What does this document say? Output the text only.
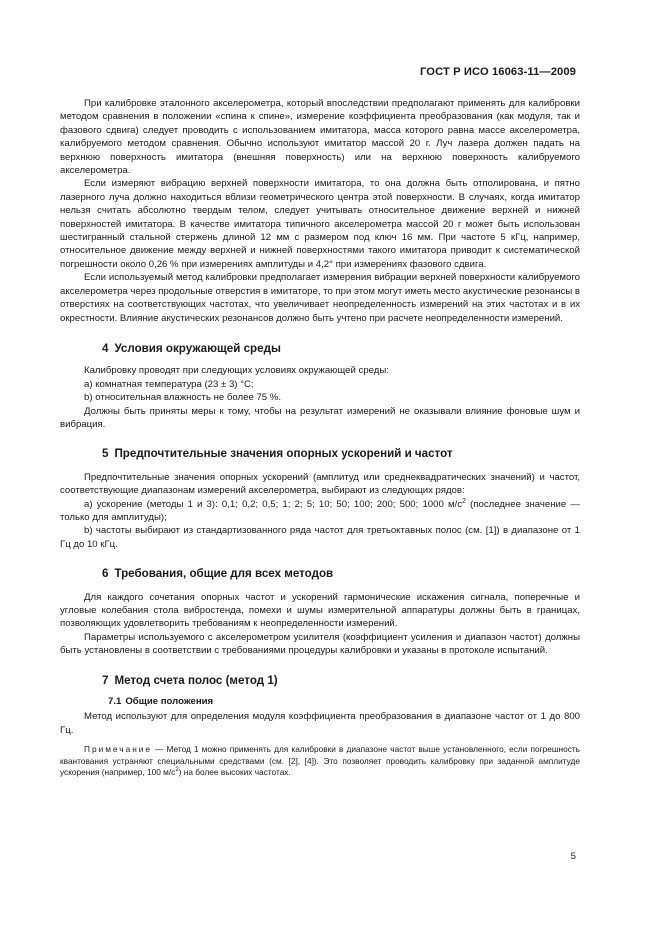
ГОСТ Р ИСО 16063-11—2009

При калибровке эталонного акселерометра, который впоследствии предполагают применять для калибровки методом сравнения в положении «спина к спине», измерение коэффициента преобразования (как модуля, так и фазового сдвига) следует проводить с использованием имитатора, масса которого равна массе акселерометра, калибруемого методом сравнения. Обычно используют имитатор массой 20 г. Луч лазера должен падать на верхнюю поверхность имитатора (внешняя поверхность) или на верхнюю поверхность калибруемого акселерометра.

Если измеряют вибрацию верхней поверхности имитатора, то она должна быть отполирована, и пятно лазерного луча должно находиться вблизи геометрического центра этой поверхности. В случаях, когда имитатор нельзя считать абсолютно твердым телом, следует учитывать относительное движение верхней и нижней поверхностей имитатора. В качестве имитатора типичного акселерометра массой 20 г может быть использован шестигранный стальной стержень длиной 12 мм с размером под ключ 16 мм. При частоте 5 кГц, например, относительное движение между верхней и нижней поверхностями такого имитатора приводит к систематической погрешности около 0,26 % при измерениях амплитуды и 4,2° при измерениях фазового сдвига.

Если используемый метод калибровки предполагает измерения вибрации верхней поверхности калибруемого акселерометра через продольные отверстия в имитаторе, то при этом могут иметь место акустические резонансы в отверстиях на соответствующих частотах, что увеличивает неопределенность измерений на этих частотах и в их окрестности. Влияние акустических резонансов должно быть учтено при расчете неопределенности измерений.

4 Условия окружающей среды

Калибровку проводят при следующих условиях окружающей среды:

а) комнатная температура (23 ± 3) °С;

b) относительная влажность не более 75 %.

Должны быть приняты меры к тому, чтобы на результат измерений не оказывали влияние фоновые шум и вибрация.

5 Предпочтительные значения опорных ускорений и частот

Предпочтительные значения опорных ускорений (амплитуд или среднеквадратических значений) и частот, соответствующие диапазонам измерений акселерометра, выбирают из следующих рядов:

а) ускорение (методы 1 и 3): 0,1; 0,2; 0,5; 1; 2; 5; 10; 50; 100; 200; 500; 1000 $м/с^2$ (последнее значение — только для амплитуды);

b) частоты выбирают из стандартизованного ряда частот для третьоктавных полос (см. [1]) в диапазоне от 1 Гц до 10 кГц.

6 Требования, общие для всех методов

Для каждого сочетания опорных частот и ускорений гармонические искажения сигнала, поперечные и угловые колебания стола вибростенда, помехи и шумы измерительной аппаратуры должны быть в границах, позволяющих удовлетворить требованиям к неопределенности измерений.

Параметры используемого с акселерометром усилителя (коэффициент усиления и диапазон частот) должны быть установлены в соответствии с требованиями процедуры калибровки и указаны в протоколе испытаний.

7 Метод счета полос (метод 1)

7.1 Общие положения

Метод используют для определения модуля коэффициента преобразования в диапазоне частот от 1 до 800 Гц.

Примечание — Метод 1 можно применять для калибровки в диапазоне частот выше установленного, если погрешность квантования устраняют специальными средствами (см. [2], [4]). Это позволяет проводить калибровку при заданной амплитуде ускорения (например, 100 $м/с^2$) на более высоких частотах.

5
